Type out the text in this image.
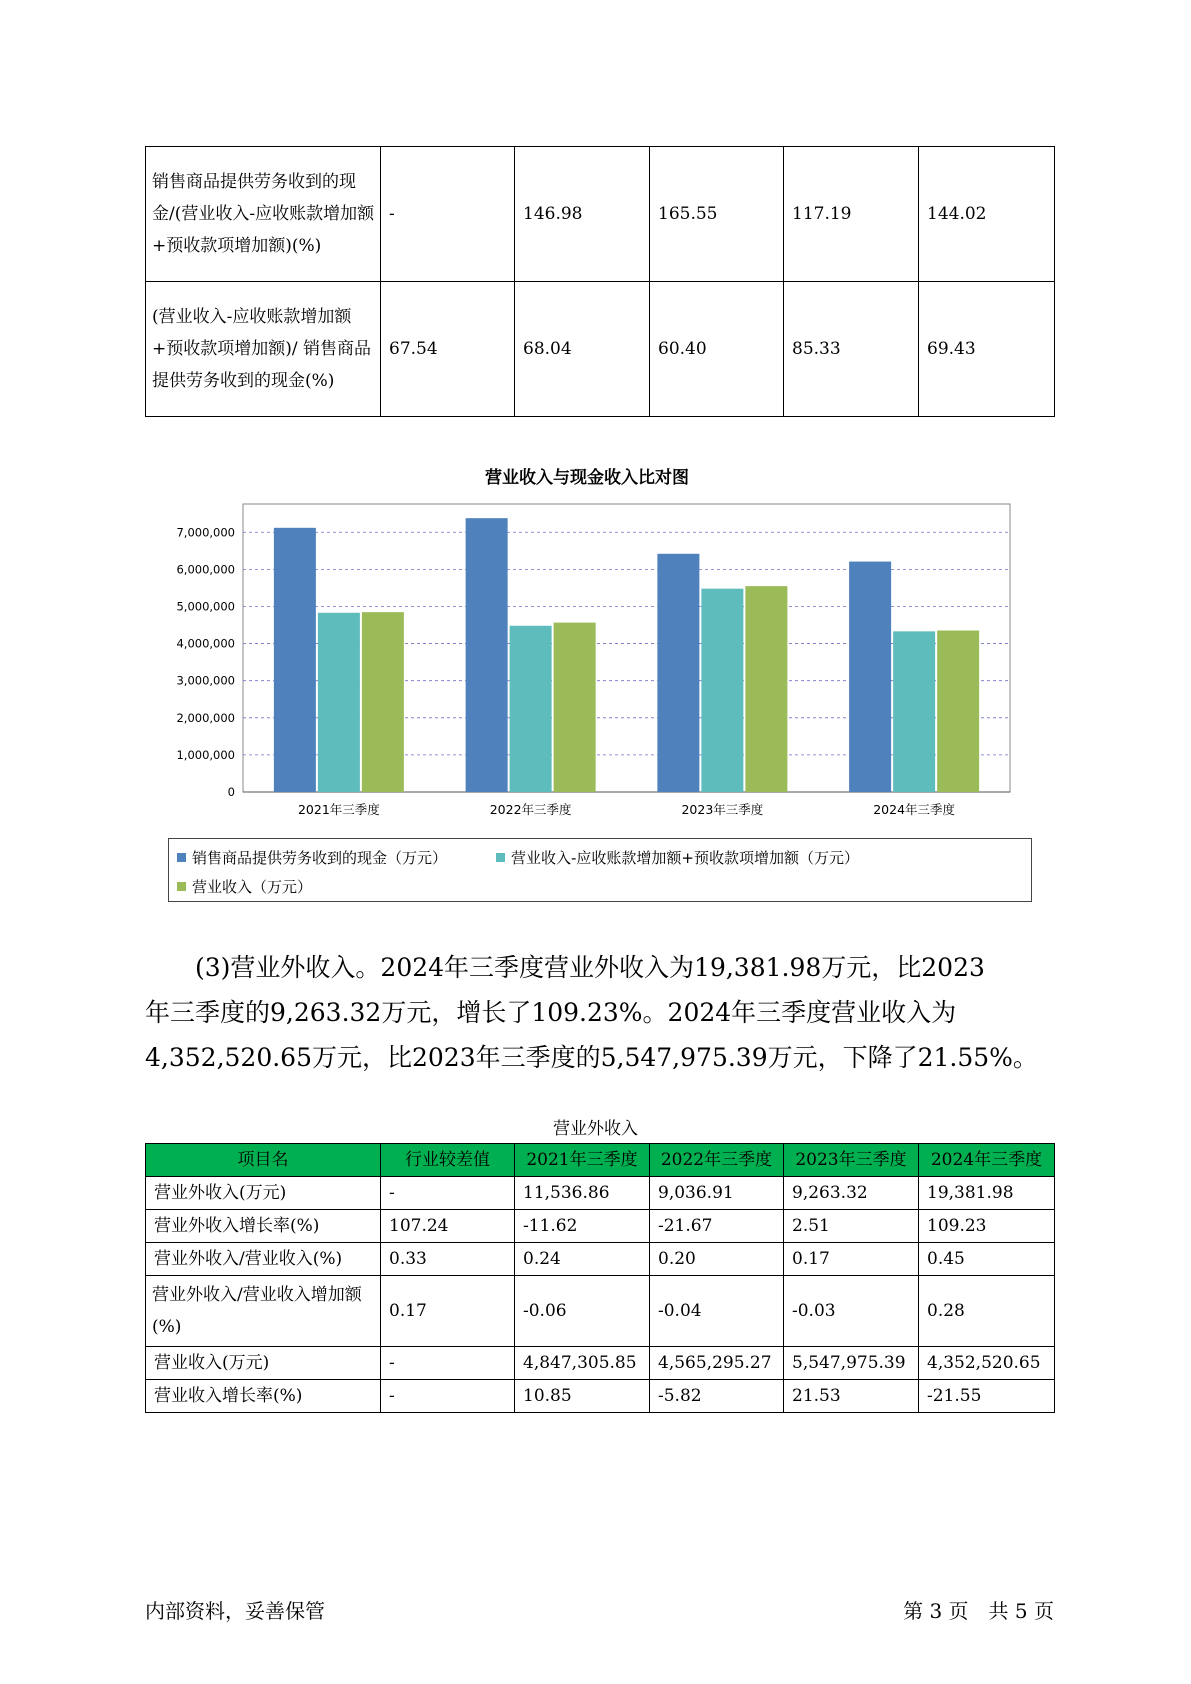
销售商品提供劳务收到的现金/(营业收入-应收账款增加额+预收款项增加额)(%)	-	146.98	165.55	117.19	144.02
(营业收入-应收账款增加额+预收款项增加额)/ 销售商品提供劳务收到的现金(%)	67.54	68.04	60.40	85.33	69.43
营业收入与现金收入比对图
0
1,000,000
2,000,000
3,000,000
4,000,000
5,000,000
6,000,000
7,000,000
2021年三季度	2022年三季度	2023年三季度	2024年三季度
销售商品提供劳务收到的现金（万元）	营业收入-应收账款增加额+预收款项增加额（万元）
营业收入（万元）

(3)营业外收入。2024年三季度营业外收入为19,381.98万元，比2023
年三季度的9,263.32万元，增长了109.23%。2024年三季度营业收入为
4,352,520.65万元，比2023年三季度的5,547,975.39万元，下降了21.55%。

营业外收入
项目名	行业较差值	2021年三季度	2022年三季度	2023年三季度	2024年三季度
营业外收入(万元)	-	11,536.86	9,036.91	9,263.32	19,381.98
营业外收入增长率(%)	107.24	-11.62	-21.67	2.51	109.23
营业外收入/营业收入(%)	0.33	0.24	0.20	0.17	0.45
营业外收入/营业收入增加额(%)	0.17	-0.06	-0.04	-0.03	0.28
营业收入(万元)	-	4,847,305.85	4,565,295.27	5,547,975.39	4,352,520.65
营业收入增长率(%)	-	10.85	-5.82	21.53	-21.55
内部资料，妥善保管	第 3 页　共 5 页
